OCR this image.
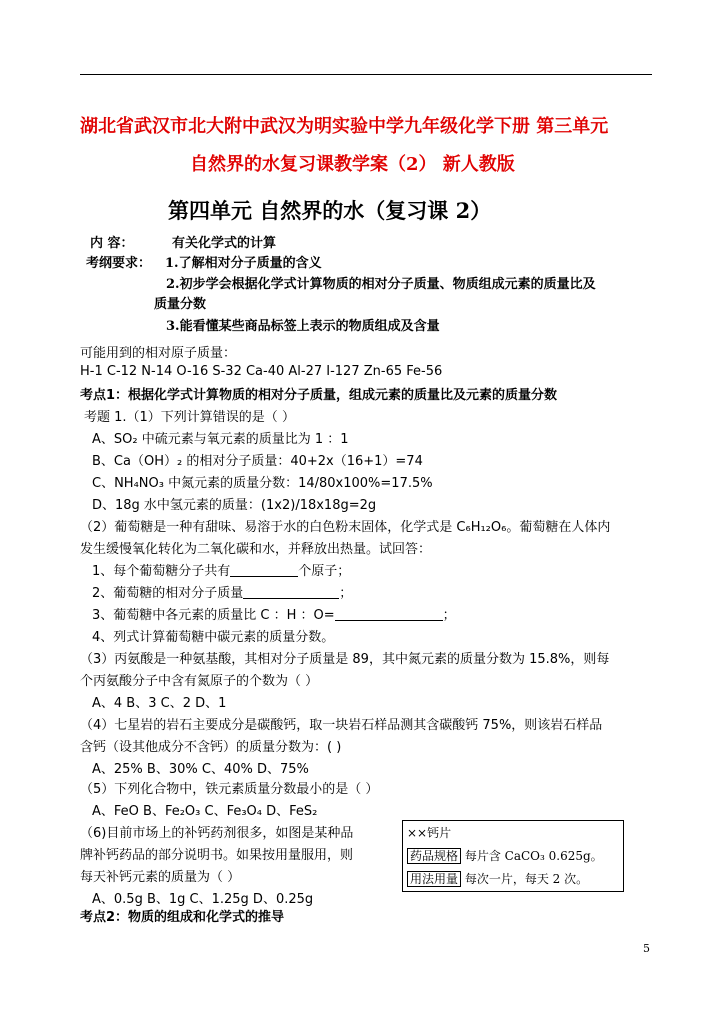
湖北省武汉市北大附中武汉为明实验中学九年级化学下册 第三单元
自然界的水复习课教学案（2） 新人教版
第四单元 自然界的水（复习课 2）
内 容：	有关化学式的计算
考纲要求： 1.了解相对分子质量的含义
2.初步学会根据化学式计算物质的相对分子质量、物质组成元素的质量比及
质量分数
3.能看懂某些商品标签上表示的物质组成及含量
可能用到的相对原子质量：
H-1 C-12 N-14 O-16 S-32 Ca-40 Al-27 I-127 Zn-65 Fe-56
考点1：根据化学式计算物质的相对分子质量，组成元素的质量比及元素的质量分数
考题 1.（1）下列计算错误的是（ ）
A、SO₂ 中硫元素与氧元素的质量比为 1 ：1
B、Ca（OH）₂ 的相对分子质量：40+2x（16+1）=74
C、NH₄NO₃ 中氮元素的质量分数：14/80x100%=17.5%
D、18g 水中氢元素的质量：(1x2)/18x18g=2g
（2）葡萄糖是一种有甜味、易溶于水的白色粉末固体，化学式是 C₆H₁₂O₆。葡萄糖在人体内
发生缓慢氧化转化为二氧化碳和水，并释放出热量。试回答：
1、每个葡萄糖分子共有	个原子；
2、葡萄糖的相对分子质量	；
3、葡萄糖中各元素的质量比 C ：H ：O=	；
4、列式计算葡萄糖中碳元素的质量分数。
（3）丙氨酸是一种氨基酸，其相对分子质量是 89，其中氮元素的质量分数为 15.8%，则每
个丙氨酸分子中含有氮原子的个数为（ ）
A、4 B、3 C、2 D、1
（4）七星岩的岩石主要成分是碳酸钙，取一块岩石样品测其含碳酸钙 75%，则该岩石样品
含钙（设其他成分不含钙）的质量分数为：( )
A、25% B、30% C、40% D、75%
（5）下列化合物中，铁元素质量分数最小的是（ ）
A、FeO B、Fe₂O₃ C、Fe₃O₄ D、FeS₂
（6)目前市场上的补钙药剂很多，如图是某种品
牌补钙药品的部分说明书。如果按用量服用，则
每天补钙元素的质量为（ ）
A、0.5g B、1g C、1.25g D、0.25g
××钙片
药品规格 每片含 CaCO₃ 0.625g。
用法用量 每次一片，每天 2 次。
考点2：物质的组成和化学式的推导
5
